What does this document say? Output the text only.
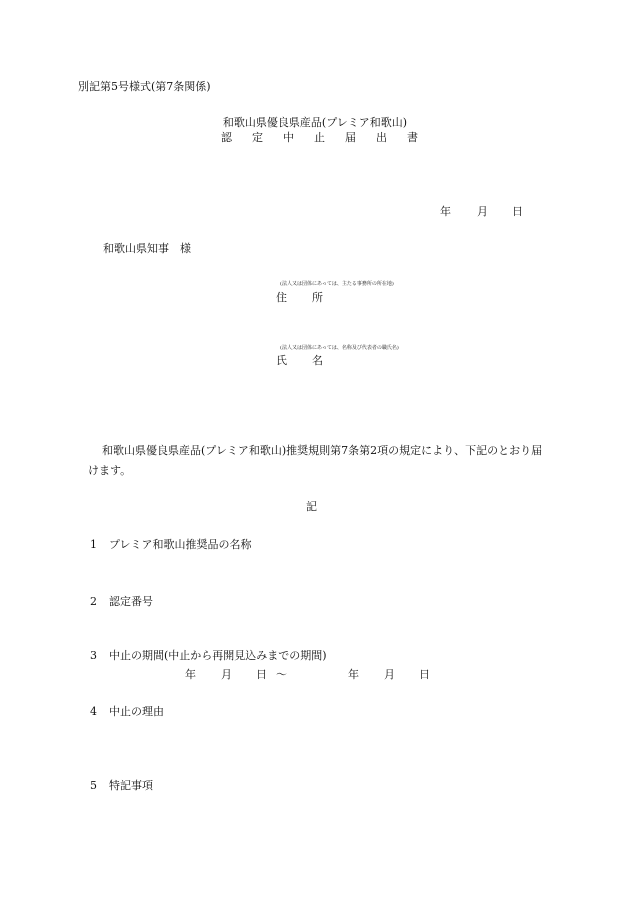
別記第5号様式(第7条関係)
和歌山県優良県産品(プレミア和歌山)
認 定 中 止 届 出 書
年 月 日
和歌山県知事　様
(法人又は団体にあっては、主たる事務所の所在地)
住 所
(法人又は団体にあっては、名称及び代表者の職氏名)
氏 名
和歌山県優良県産品(プレミア和歌山)推奨規則第7条第2項の規定により、下記のとおり届けます。
記
1 プレミア和歌山推奨品の名称
2 認定番号
3 中止の期間(中止から再開見込みまでの期間)
年 月 日 〜	年 月 日
4 中止の理由
5 特記事項
